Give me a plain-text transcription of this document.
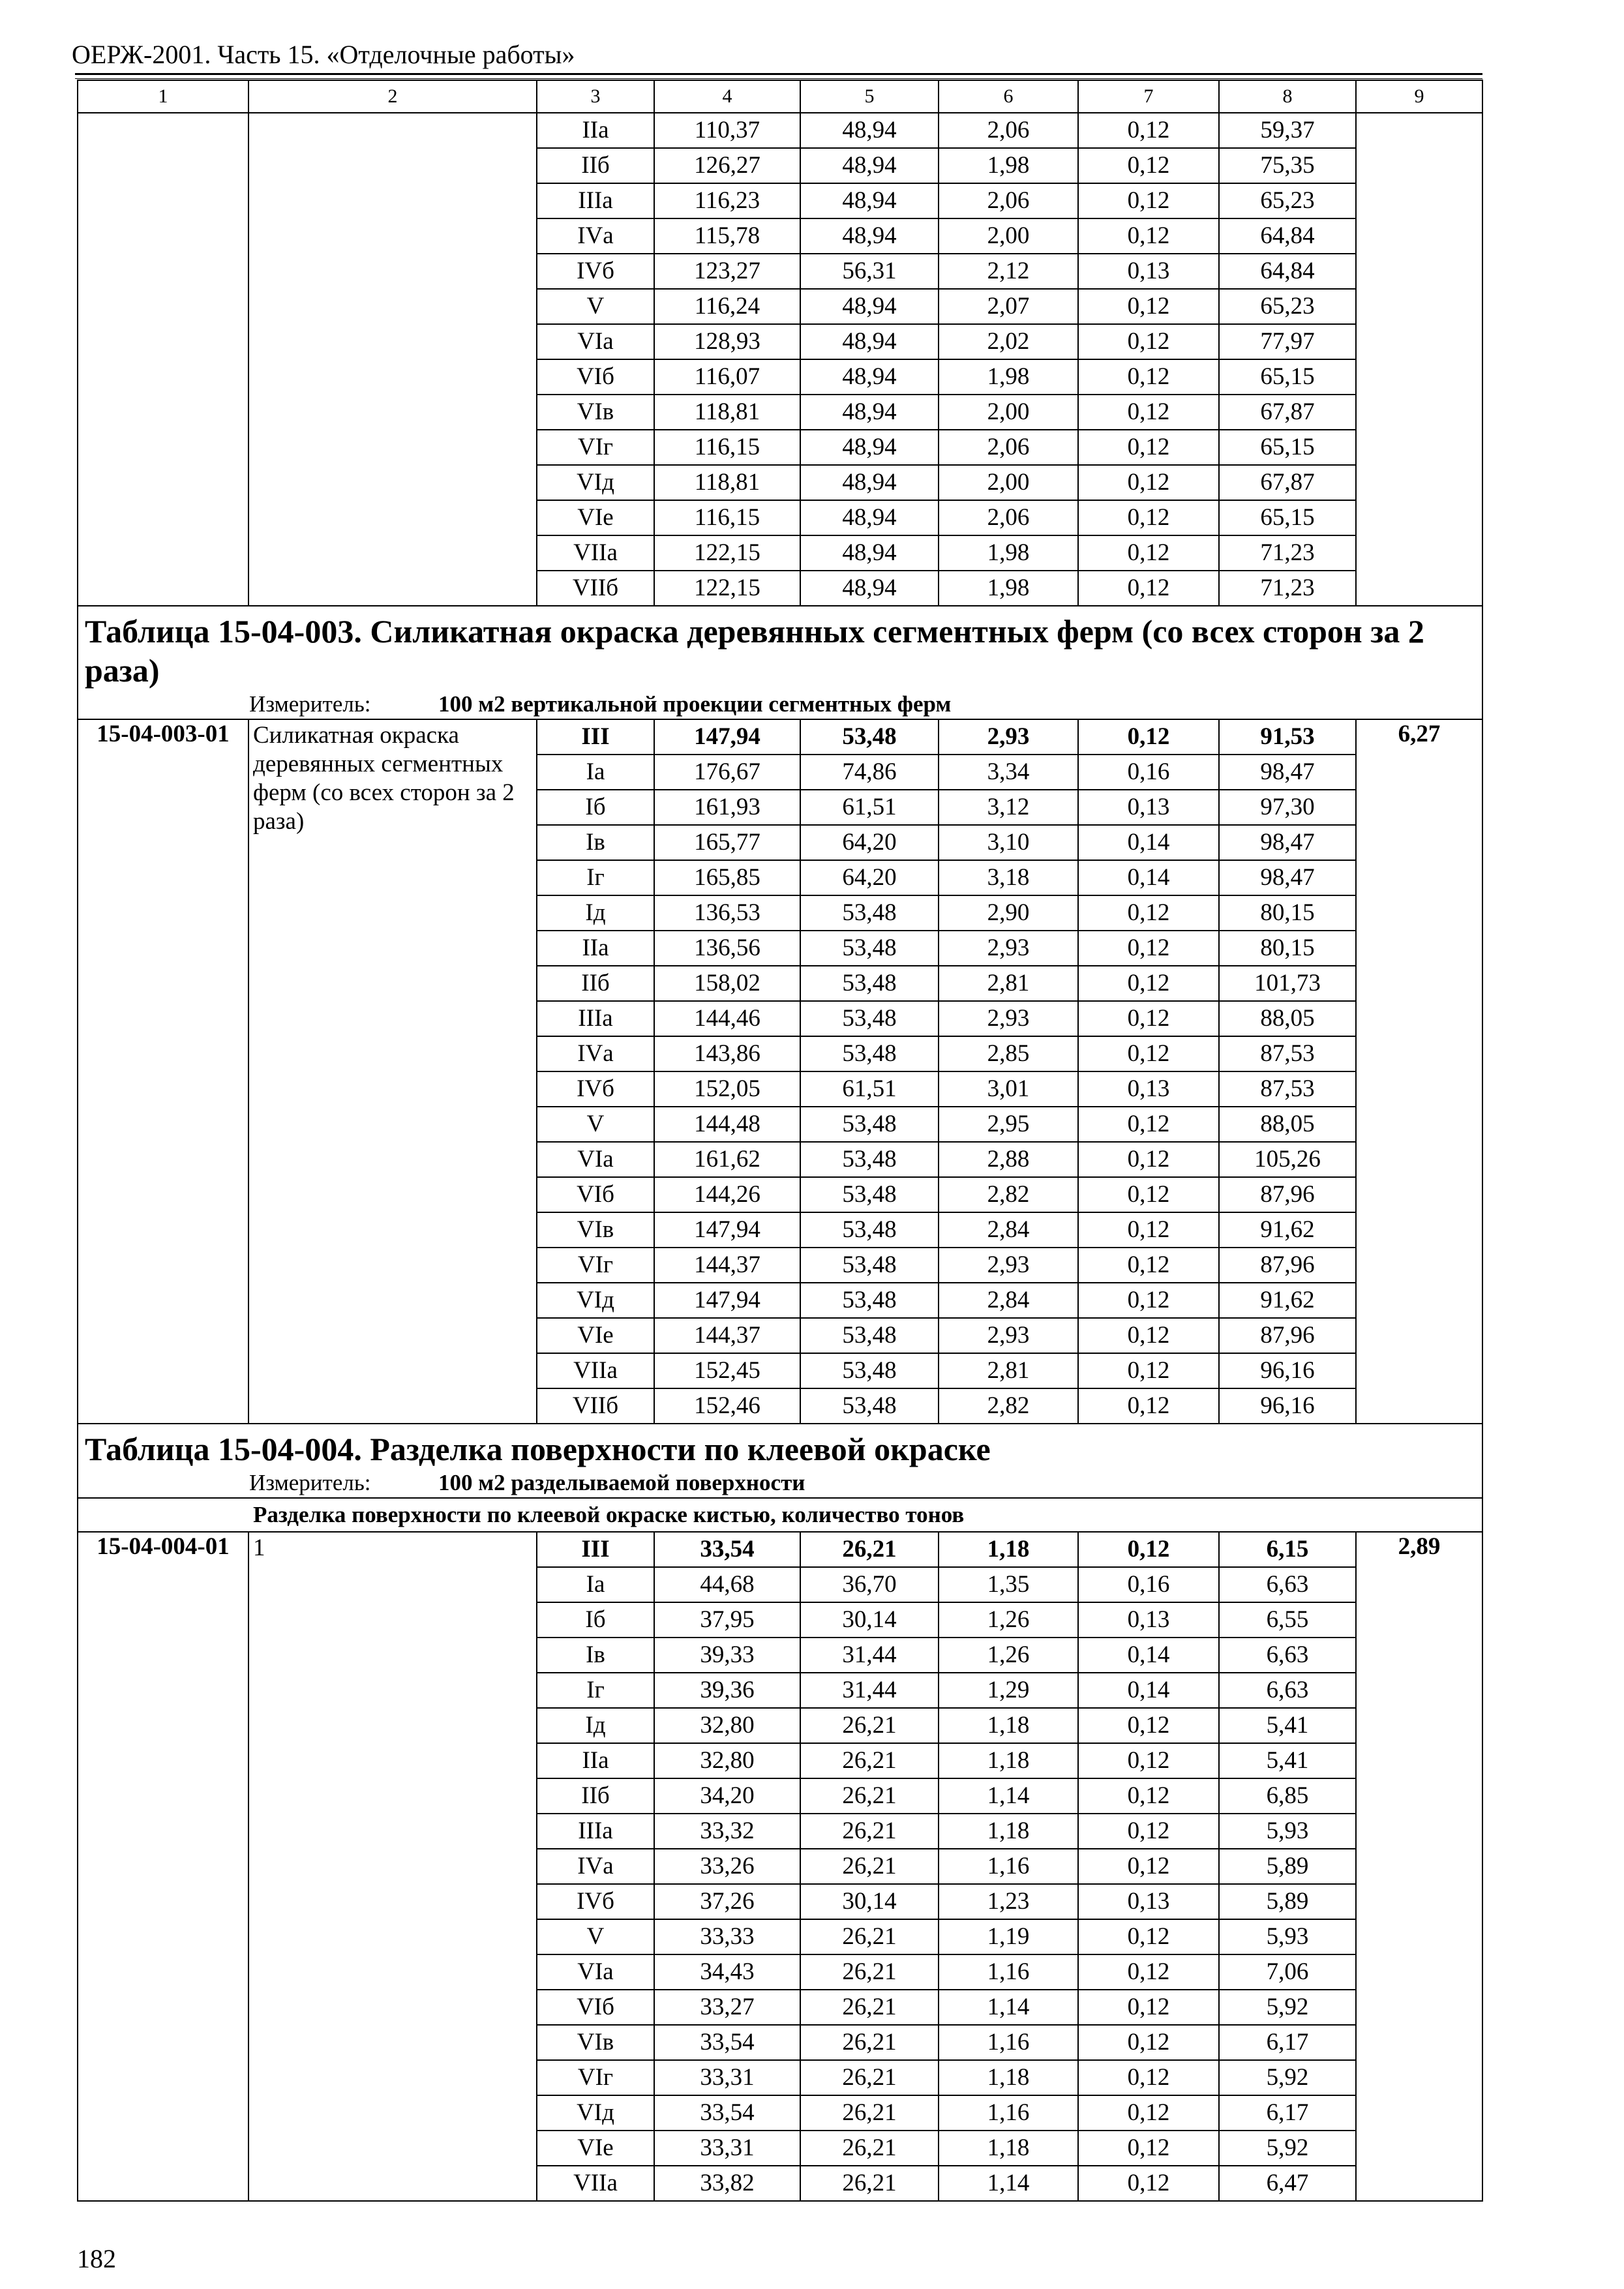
ОЕРЖ-2001. Часть 15. «Отделочные работы»
1	2	3	4	5	6	7	8	9
		IIа	110,37	48,94	2,06	0,12	59,37	
		IIб	126,27	48,94	1,98	0,12	75,35	
		IIIа	116,23	48,94	2,06	0,12	65,23	
		IVа	115,78	48,94	2,00	0,12	64,84	
		IVб	123,27	56,31	2,12	0,13	64,84	
		V	116,24	48,94	2,07	0,12	65,23	
		VIа	128,93	48,94	2,02	0,12	77,97	
		VIб	116,07	48,94	1,98	0,12	65,15	
		VIв	118,81	48,94	2,00	0,12	67,87	
		VIг	116,15	48,94	2,06	0,12	65,15	
		VIд	118,81	48,94	2,00	0,12	67,87	
		VIе	116,15	48,94	2,06	0,12	65,15	
		VIIа	122,15	48,94	1,98	0,12	71,23	
		VIIб	122,15	48,94	1,98	0,12	71,23	
Таблица 15-04-003. Силикатная окраска деревянных сегментных ферм (со всех сторон за 2 раза)								
Измеритель: 100 м2 вертикальной проекции сегментных ферм								
15-04-003-01	Силикатная окраска деревянных сегментных ферм (со всех сторон за 2 раза)	III	147,94	53,48	2,93	0,12	91,53	6,27
		Iа	176,67	74,86	3,34	0,16	98,47	
		Iб	161,93	61,51	3,12	0,13	97,30	
		Iв	165,77	64,20	3,10	0,14	98,47	
		Iг	165,85	64,20	3,18	0,14	98,47	
		Iд	136,53	53,48	2,90	0,12	80,15	
		IIа	136,56	53,48	2,93	0,12	80,15	
		IIб	158,02	53,48	2,81	0,12	101,73	
		IIIа	144,46	53,48	2,93	0,12	88,05	
		IVа	143,86	53,48	2,85	0,12	87,53	
		IVб	152,05	61,51	3,01	0,13	87,53	
		V	144,48	53,48	2,95	0,12	88,05	
		VIа	161,62	53,48	2,88	0,12	105,26	
		VIб	144,26	53,48	2,82	0,12	87,96	
		VIв	147,94	53,48	2,84	0,12	91,62	
		VIг	144,37	53,48	2,93	0,12	87,96	
		VIд	147,94	53,48	2,84	0,12	91,62	
		VIе	144,37	53,48	2,93	0,12	87,96	
		VIIа	152,45	53,48	2,81	0,12	96,16	
		VIIб	152,46	53,48	2,82	0,12	96,16	
Таблица 15-04-004. Разделка поверхности по клеевой окраске								
Измеритель: 100 м2 разделываемой поверхности								
Разделка поверхности по клеевой окраске кистью, количество тонов								
15-04-004-01	1	III	33,54	26,21	1,18	0,12	6,15	2,89
		Iа	44,68	36,70	1,35	0,16	6,63	
		Iб	37,95	30,14	1,26	0,13	6,55	
		Iв	39,33	31,44	1,26	0,14	6,63	
		Iг	39,36	31,44	1,29	0,14	6,63	
		Iд	32,80	26,21	1,18	0,12	5,41	
		IIа	32,80	26,21	1,18	0,12	5,41	
		IIб	34,20	26,21	1,14	0,12	6,85	
		IIIа	33,32	26,21	1,18	0,12	5,93	
		IVа	33,26	26,21	1,16	0,12	5,89	
		IVб	37,26	30,14	1,23	0,13	5,89	
		V	33,33	26,21	1,19	0,12	5,93	
		VIа	34,43	26,21	1,16	0,12	7,06	
		VIб	33,27	26,21	1,14	0,12	5,92	
		VIв	33,54	26,21	1,16	0,12	6,17	
		VIг	33,31	26,21	1,18	0,12	5,92	
		VIд	33,54	26,21	1,16	0,12	6,17	
		VIе	33,31	26,21	1,18	0,12	5,92	
		VIIа	33,82	26,21	1,14	0,12	6,47	
182
